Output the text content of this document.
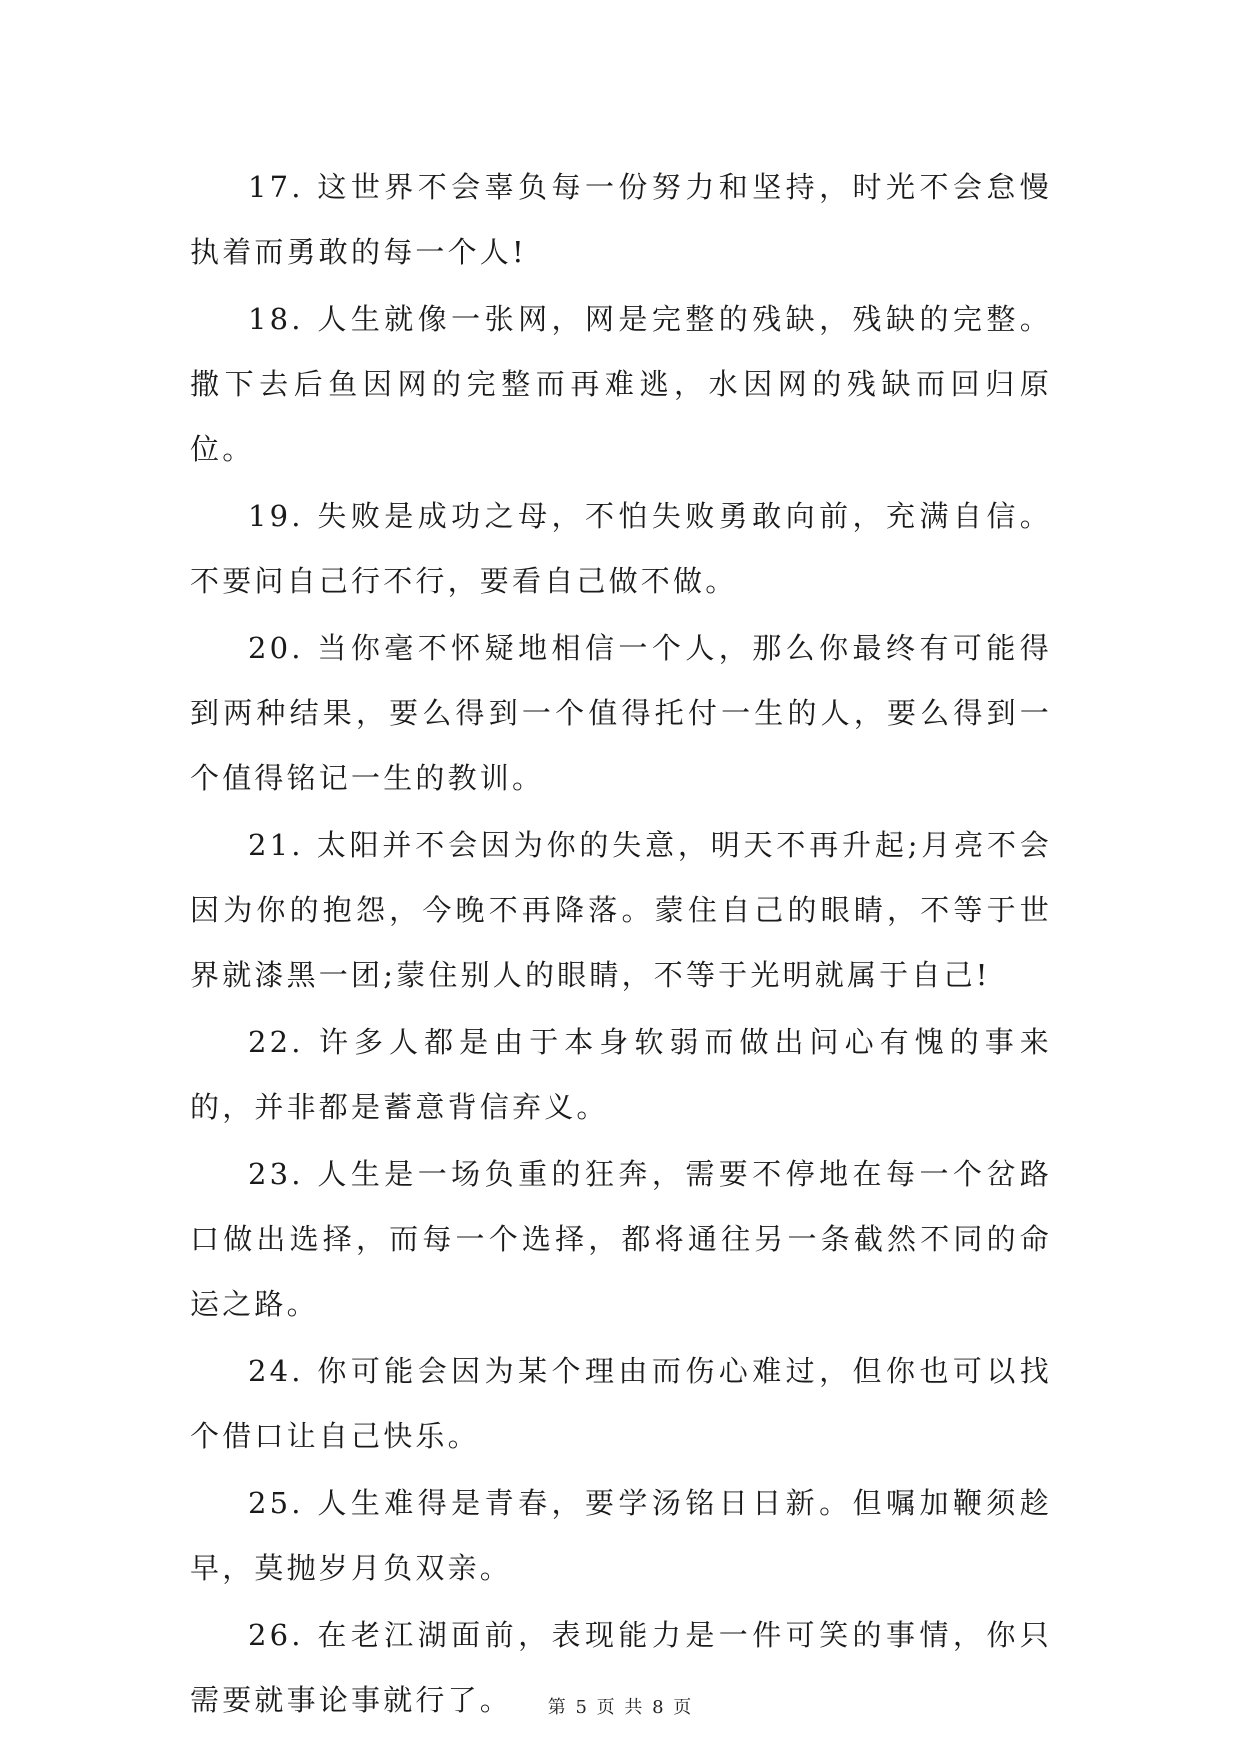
17. 这世界不会辜负每一份努力和坚持，时光不会怠慢执着而勇敢的每一个人!

18. 人生就像一张网，网是完整的残缺，残缺的完整。撒下去后鱼因网的完整而再难逃，水因网的残缺而回归原位。

19. 失败是成功之母，不怕失败勇敢向前，充满自信。不要问自己行不行，要看自己做不做。

20. 当你毫不怀疑地相信一个人，那么你最终有可能得到两种结果，要么得到一个值得托付一生的人，要么得到一个值得铭记一生的教训。

21. 太阳并不会因为你的失意，明天不再升起;月亮不会因为你的抱怨，今晚不再降落。蒙住自己的眼睛，不等于世界就漆黑一团;蒙住别人的眼睛，不等于光明就属于自己!

22. 许多人都是由于本身软弱而做出问心有愧的事来的，并非都是蓄意背信弃义。

23. 人生是一场负重的狂奔，需要不停地在每一个岔路口做出选择，而每一个选择，都将通往另一条截然不同的命运之路。

24. 你可能会因为某个理由而伤心难过，但你也可以找个借口让自己快乐。

25. 人生难得是青春，要学汤铭日日新。但嘱加鞭须趁早，莫抛岁月负双亲。

26. 在老江湖面前，表现能力是一件可笑的事情，你只需要就事论事就行了。	第 5 页 共 8 页
